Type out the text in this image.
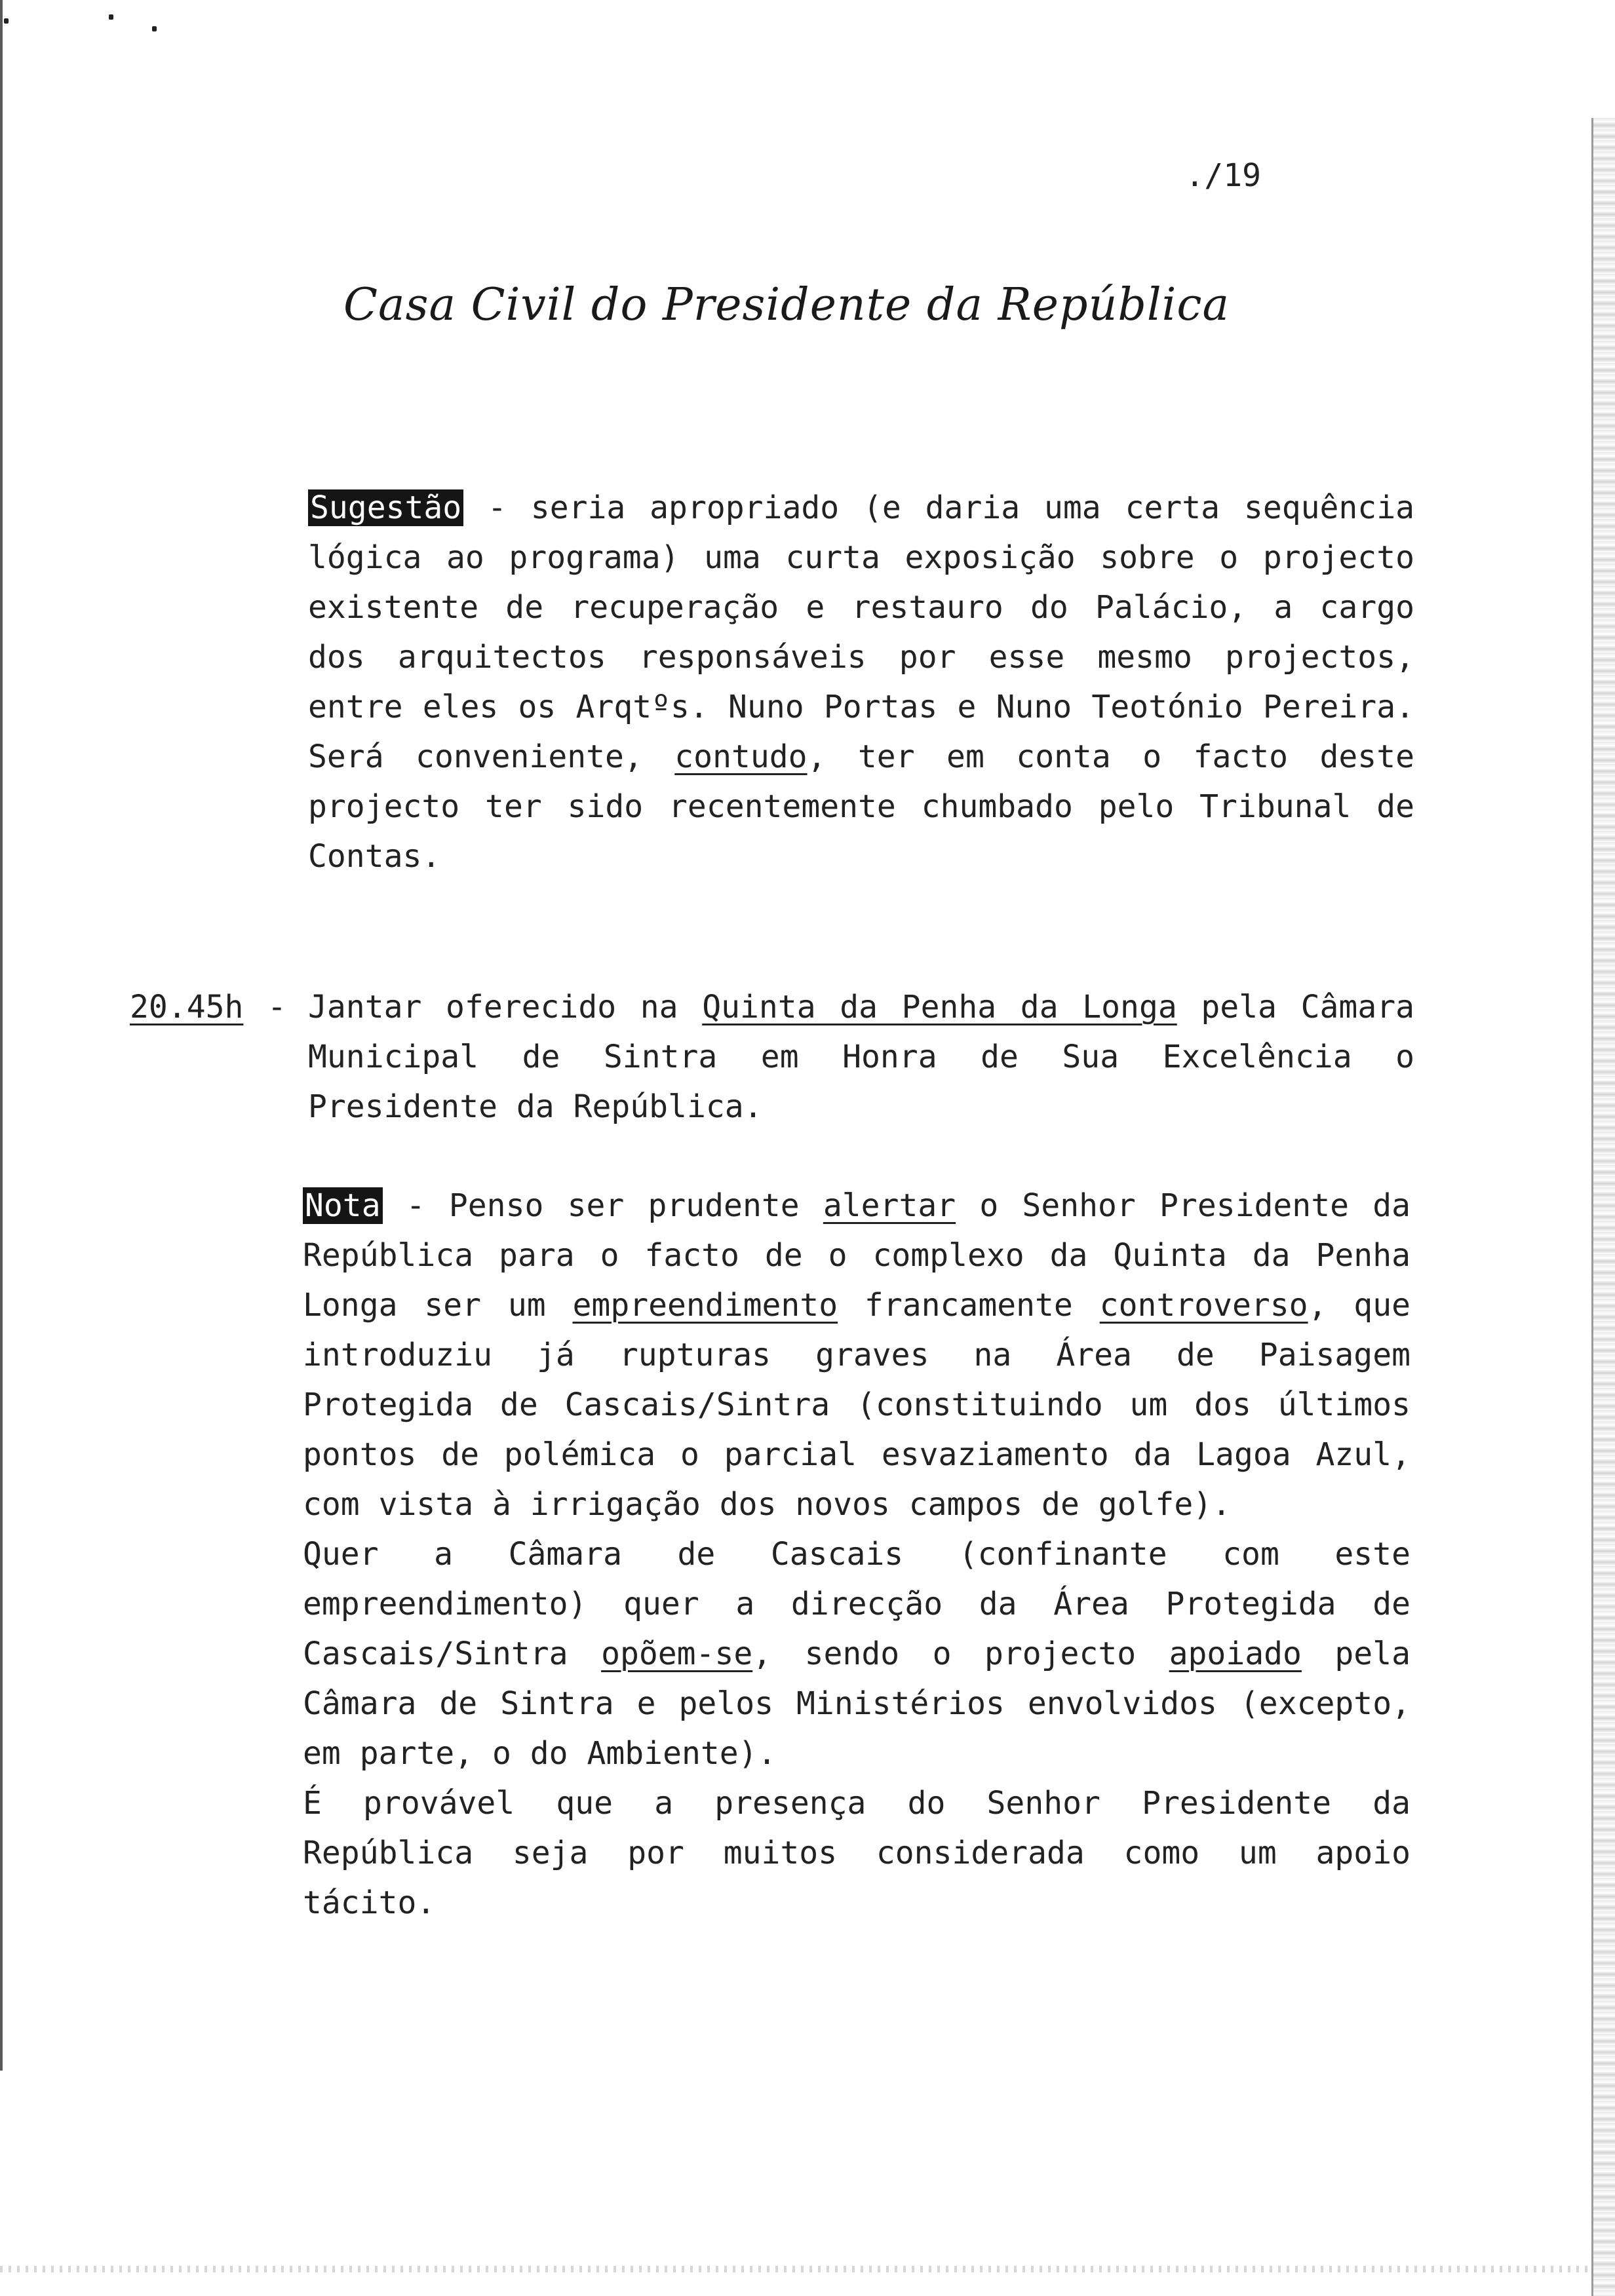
./19
Casa Civil do Presidente da República
Sugestão - seria apropriado (e daria uma certa sequência lógica ao programa) uma curta exposição sobre o projecto existente de recuperação e restauro do Palácio, a cargo dos arquitectos responsáveis por esse mesmo projectos, entre eles os Arqtºs. Nuno Portas e Nuno Teotónio Pereira. Será conveniente, contudo, ter em conta o facto deste projecto ter sido recentemente chumbado pelo Tribunal de Contas.
20.45h - Jantar oferecido na Quinta da Penha da Longa pela Câmara Municipal de Sintra em Honra de Sua Excelência o Presidente da República.
Nota - Penso ser prudente alertar o Senhor Presidente da República para o facto de o complexo da Quinta da Penha Longa ser um empreendimento francamente controverso, que introduziu já rupturas graves na Área de Paisagem Protegida de Cascais/Sintra (constituindo um dos últimos pontos de polémica o parcial esvaziamento da Lagoa Azul, com vista à irrigação dos novos campos de golfe).
Quer a Câmara de Cascais (confinante com este empreendimento) quer a direcção da Área Protegida de Cascais/Sintra opõem-se, sendo o projecto apoiado pela Câmara de Sintra e pelos Ministérios envolvidos (excepto, em parte, o do Ambiente).
É provável que a presença do Senhor Presidente da República seja por muitos considerada como um apoio tácito.
